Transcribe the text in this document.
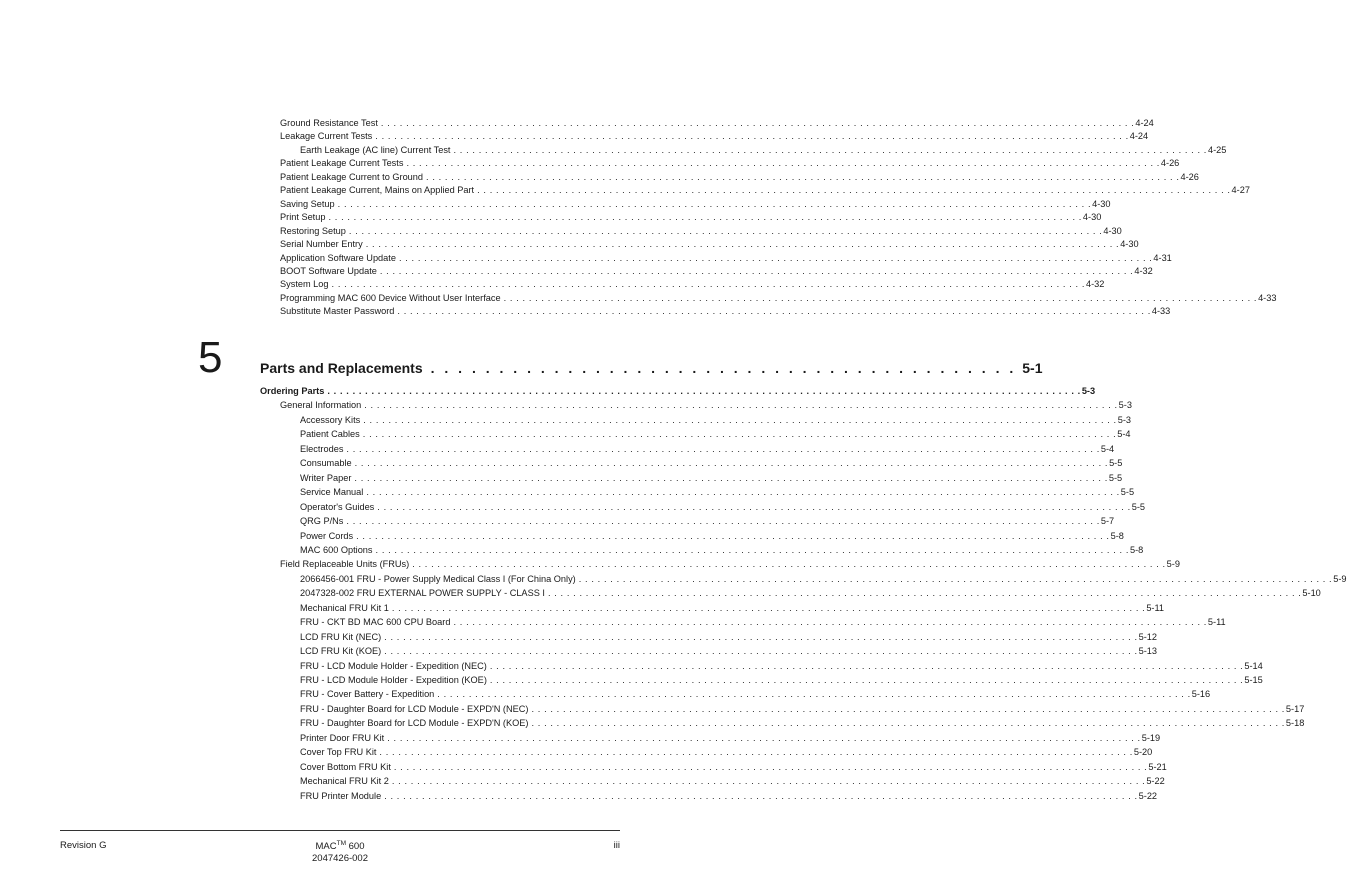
Ground Resistance Test . . . . . . . . . . . . . . . . . . . . . . . . . . . . . . . . . . . . . . . . . . . . . . . . . . . . . . . . . . . . . . . . . . . . . . . . . . . . . . . . . . . . . . . . . . . . . . . . . . . . . . . . . . . . . . . . . . . . . . . . 4-24
Leakage Current Tests . . . . . . . . . . . . . . . . . . . . . . . . . . . . . . . . . . . . . . . . . . . . . . . . . . . . . . . . . . . . . . . . . . . . . . . . . . . . . . . . . . . . . . . . . . . . . . . . . . . . . . . . . . . . . . . . . . . . . . . . 4-24
Earth Leakage (AC line) Current Test . . . . . . . . . . . . . . . . . . . . . . . . . . . . . . . . . . . . . . . . . . . . . . . . . . . . . . . . . . . . . . . . . . . . . . . . . . . . . . . . . . . . . . . . . . . . . . . . . . . . . . . . . . . . . . . . . . . . . . . . 4-25
Patient Leakage Current Tests . . . . . . . . . . . . . . . . . . . . . . . . . . . . . . . . . . . . . . . . . . . . . . . . . . . . . . . . . . . . . . . . . . . . . . . . . . . . . . . . . . . . . . . . . . . . . . . . . . . . . . . . . . . . . . . . . . . . . . . . 4-26
Patient Leakage Current to Ground . . . . . . . . . . . . . . . . . . . . . . . . . . . . . . . . . . . . . . . . . . . . . . . . . . . . . . . . . . . . . . . . . . . . . . . . . . . . . . . . . . . . . . . . . . . . . . . . . . . . . . . . . . . . . . . . . . . . . . . . 4-26
Patient Leakage Current, Mains on Applied Part . . . . . . . . . . . . . . . . . . . . . . . . . . . . . . . . . . . . . . . . . . . . . . . . . . . . . . . . . . . . . . . . . . . . . . . . . . . . . . . . . . . . . . . . . . . . . . . . . . . . . . . . . . . . . . . . . . . . . . . . 4-27
Saving Setup . . . . . . . . . . . . . . . . . . . . . . . . . . . . . . . . . . . . . . . . . . . . . . . . . . . . . . . . . . . . . . . . . . . . . . . . . . . . . . . . . . . . . . . . . . . . . . . . . . . . . . . . . . . . . . . . . . . . . . . . 4-30
Print Setup . . . . . . . . . . . . . . . . . . . . . . . . . . . . . . . . . . . . . . . . . . . . . . . . . . . . . . . . . . . . . . . . . . . . . . . . . . . . . . . . . . . . . . . . . . . . . . . . . . . . . . . . . . . . . . . . . . . . . . . . 4-30
Restoring Setup . . . . . . . . . . . . . . . . . . . . . . . . . . . . . . . . . . . . . . . . . . . . . . . . . . . . . . . . . . . . . . . . . . . . . . . . . . . . . . . . . . . . . . . . . . . . . . . . . . . . . . . . . . . . . . . . . . . . . . . . 4-30
Serial Number Entry . . . . . . . . . . . . . . . . . . . . . . . . . . . . . . . . . . . . . . . . . . . . . . . . . . . . . . . . . . . . . . . . . . . . . . . . . . . . . . . . . . . . . . . . . . . . . . . . . . . . . . . . . . . . . . . . . . . . . . . . 4-30
Application Software Update . . . . . . . . . . . . . . . . . . . . . . . . . . . . . . . . . . . . . . . . . . . . . . . . . . . . . . . . . . . . . . . . . . . . . . . . . . . . . . . . . . . . . . . . . . . . . . . . . . . . . . . . . . . . . . . . . . . . . . . . 4-31
BOOT Software Update . . . . . . . . . . . . . . . . . . . . . . . . . . . . . . . . . . . . . . . . . . . . . . . . . . . . . . . . . . . . . . . . . . . . . . . . . . . . . . . . . . . . . . . . . . . . . . . . . . . . . . . . . . . . . . . . . . . . . . . . 4-32
System Log . . . . . . . . . . . . . . . . . . . . . . . . . . . . . . . . . . . . . . . . . . . . . . . . . . . . . . . . . . . . . . . . . . . . . . . . . . . . . . . . . . . . . . . . . . . . . . . . . . . . . . . . . . . . . . . . . . . . . . . . 4-32
Programming MAC 600 Device Without User Interface . . . . . . . . . . . . . . . . . . . . . . . . . . . . . . . . . . . . . . . . . . . . . . . . . . . . . . . . . . . . . . . . . . . . . . . . . . . . . . . . . . . . . . . . . . . . . . . . . . . . . . . . . . . . . . . . . . . . . . . . 4-33
Substitute Master Password . . . . . . . . . . . . . . . . . . . . . . . . . . . . . . . . . . . . . . . . . . . . . . . . . . . . . . . . . . . . . . . . . . . . . . . . . . . . . . . . . . . . . . . . . . . . . . . . . . . . . . . . . . . . . . . . . . . . . . . . 4-33
5	Parts and Replacements . . . . . . . . . . . . . . . . . . . . . . . . . . . . . . . . . . . . . . . . . . . 5-1
Ordering Parts . . . . . . . . . . . . . . . . . . . . . . . . . . . . . . . . . . . . . . . . . . . . . . . . . . . . . . . . . . . . . . . . . . . . . . . . . . . . . . . . . . . . . . . . . . . . . . . . . . . . . . . . . . . . . . . . . . . . . . . . 5-3
General Information . . . . . . . . . . . . . . . . . . . . . . . . . . . . . . . . . . . . . . . . . . . . . . . . . . . . . . . . . . . . . . . . . . . . . . . . . . . . . . . . . . . . . . . . . . . . . . . . . . . . . . . . . . . . . . . . . . . . . . . . 5-3
Accessory Kits . . . . . . . . . . . . . . . . . . . . . . . . . . . . . . . . . . . . . . . . . . . . . . . . . . . . . . . . . . . . . . . . . . . . . . . . . . . . . . . . . . . . . . . . . . . . . . . . . . . . . . . . . . . . . . . . . . . . . . . . 5-3
Patient Cables . . . . . . . . . . . . . . . . . . . . . . . . . . . . . . . . . . . . . . . . . . . . . . . . . . . . . . . . . . . . . . . . . . . . . . . . . . . . . . . . . . . . . . . . . . . . . . . . . . . . . . . . . . . . . . . . . . . . . . . . 5-4
Electrodes . . . . . . . . . . . . . . . . . . . . . . . . . . . . . . . . . . . . . . . . . . . . . . . . . . . . . . . . . . . . . . . . . . . . . . . . . . . . . . . . . . . . . . . . . . . . . . . . . . . . . . . . . . . . . . . . . . . . . . . . 5-4
Consumable . . . . . . . . . . . . . . . . . . . . . . . . . . . . . . . . . . . . . . . . . . . . . . . . . . . . . . . . . . . . . . . . . . . . . . . . . . . . . . . . . . . . . . . . . . . . . . . . . . . . . . . . . . . . . . . . . . . . . . . . 5-5
Writer Paper . . . . . . . . . . . . . . . . . . . . . . . . . . . . . . . . . . . . . . . . . . . . . . . . . . . . . . . . . . . . . . . . . . . . . . . . . . . . . . . . . . . . . . . . . . . . . . . . . . . . . . . . . . . . . . . . . . . . . . . . 5-5
Service Manual . . . . . . . . . . . . . . . . . . . . . . . . . . . . . . . . . . . . . . . . . . . . . . . . . . . . . . . . . . . . . . . . . . . . . . . . . . . . . . . . . . . . . . . . . . . . . . . . . . . . . . . . . . . . . . . . . . . . . . . . 5-5
Operator's Guides . . . . . . . . . . . . . . . . . . . . . . . . . . . . . . . . . . . . . . . . . . . . . . . . . . . . . . . . . . . . . . . . . . . . . . . . . . . . . . . . . . . . . . . . . . . . . . . . . . . . . . . . . . . . . . . . . . . . . . . . 5-5
QRG P/Ns . . . . . . . . . . . . . . . . . . . . . . . . . . . . . . . . . . . . . . . . . . . . . . . . . . . . . . . . . . . . . . . . . . . . . . . . . . . . . . . . . . . . . . . . . . . . . . . . . . . . . . . . . . . . . . . . . . . . . . . . 5-7
Power Cords . . . . . . . . . . . . . . . . . . . . . . . . . . . . . . . . . . . . . . . . . . . . . . . . . . . . . . . . . . . . . . . . . . . . . . . . . . . . . . . . . . . . . . . . . . . . . . . . . . . . . . . . . . . . . . . . . . . . . . . . 5-8
MAC 600 Options . . . . . . . . . . . . . . . . . . . . . . . . . . . . . . . . . . . . . . . . . . . . . . . . . . . . . . . . . . . . . . . . . . . . . . . . . . . . . . . . . . . . . . . . . . . . . . . . . . . . . . . . . . . . . . . . . . . . . . . . 5-8
Field Replaceable Units (FRUs) . . . . . . . . . . . . . . . . . . . . . . . . . . . . . . . . . . . . . . . . . . . . . . . . . . . . . . . . . . . . . . . . . . . . . . . . . . . . . . . . . . . . . . . . . . . . . . . . . . . . . . . . . . . . . . . . . . . . . . . . 5-9
2066456-001 FRU - Power Supply Medical Class I (For China Only) . . . . . . . . . . . . . . . . . . . . . . . . . . . . . . . . . . . . . . . . . . . . . . . . . . . . . . . . . . . . . . . . . . . . . . . . . . . . . . . . . . . . . . . . . . . . . . . . . . . . . . . . . . . . . . . . . . . . . . . . 5-9
2047328-002 FRU EXTERNAL POWER SUPPLY - CLASS I . . . . . . . . . . . . . . . . . . . . . . . . . . . . . . . . . . . . . . . . . . . . . . . . . . . . . . . . . . . . . . . . . . . . . . . . . . . . . . . . . . . . . . . . . . . . . . . . . . . . . . . . . . . . . . . . . . . . . . . . 5-10
Mechanical FRU Kit 1 . . . . . . . . . . . . . . . . . . . . . . . . . . . . . . . . . . . . . . . . . . . . . . . . . . . . . . . . . . . . . . . . . . . . . . . . . . . . . . . . . . . . . . . . . . . . . . . . . . . . . . . . . . . . . . . . . . . . . . . . 5-11
FRU - CKT BD MAC 600 CPU Board . . . . . . . . . . . . . . . . . . . . . . . . . . . . . . . . . . . . . . . . . . . . . . . . . . . . . . . . . . . . . . . . . . . . . . . . . . . . . . . . . . . . . . . . . . . . . . . . . . . . . . . . . . . . . . . . . . . . . . . . 5-11
LCD FRU Kit (NEC) . . . . . . . . . . . . . . . . . . . . . . . . . . . . . . . . . . . . . . . . . . . . . . . . . . . . . . . . . . . . . . . . . . . . . . . . . . . . . . . . . . . . . . . . . . . . . . . . . . . . . . . . . . . . . . . . . . . . . . . . 5-12
LCD FRU Kit (KOE) . . . . . . . . . . . . . . . . . . . . . . . . . . . . . . . . . . . . . . . . . . . . . . . . . . . . . . . . . . . . . . . . . . . . . . . . . . . . . . . . . . . . . . . . . . . . . . . . . . . . . . . . . . . . . . . . . . . . . . . . 5-13
FRU - LCD Module Holder - Expedition (NEC) . . . . . . . . . . . . . . . . . . . . . . . . . . . . . . . . . . . . . . . . . . . . . . . . . . . . . . . . . . . . . . . . . . . . . . . . . . . . . . . . . . . . . . . . . . . . . . . . . . . . . . . . . . . . . . . . . . . . . . . . 5-14
FRU - LCD Module Holder - Expedition (KOE) . . . . . . . . . . . . . . . . . . . . . . . . . . . . . . . . . . . . . . . . . . . . . . . . . . . . . . . . . . . . . . . . . . . . . . . . . . . . . . . . . . . . . . . . . . . . . . . . . . . . . . . . . . . . . . . . . . . . . . . . 5-15
FRU - Cover Battery - Expedition . . . . . . . . . . . . . . . . . . . . . . . . . . . . . . . . . . . . . . . . . . . . . . . . . . . . . . . . . . . . . . . . . . . . . . . . . . . . . . . . . . . . . . . . . . . . . . . . . . . . . . . . . . . . . . . . . . . . . . . . 5-16
FRU - Daughter Board for LCD Module - EXPD'N (NEC) . . . . . . . . . . . . . . . . . . . . . . . . . . . . . . . . . . . . . . . . . . . . . . . . . . . . . . . . . . . . . . . . . . . . . . . . . . . . . . . . . . . . . . . . . . . . . . . . . . . . . . . . . . . . . . . . . . . . . . . . 5-17
FRU - Daughter Board for LCD Module - EXPD'N (KOE) . . . . . . . . . . . . . . . . . . . . . . . . . . . . . . . . . . . . . . . . . . . . . . . . . . . . . . . . . . . . . . . . . . . . . . . . . . . . . . . . . . . . . . . . . . . . . . . . . . . . . . . . . . . . . . . . . . . . . . . . 5-18
Printer Door FRU Kit . . . . . . . . . . . . . . . . . . . . . . . . . . . . . . . . . . . . . . . . . . . . . . . . . . . . . . . . . . . . . . . . . . . . . . . . . . . . . . . . . . . . . . . . . . . . . . . . . . . . . . . . . . . . . . . . . . . . . . . . 5-19
Cover Top FRU Kit . . . . . . . . . . . . . . . . . . . . . . . . . . . . . . . . . . . . . . . . . . . . . . . . . . . . . . . . . . . . . . . . . . . . . . . . . . . . . . . . . . . . . . . . . . . . . . . . . . . . . . . . . . . . . . . . . . . . . . . . 5-20
Cover Bottom FRU Kit . . . . . . . . . . . . . . . . . . . . . . . . . . . . . . . . . . . . . . . . . . . . . . . . . . . . . . . . . . . . . . . . . . . . . . . . . . . . . . . . . . . . . . . . . . . . . . . . . . . . . . . . . . . . . . . . . . . . . . . . 5-21
Mechanical FRU Kit 2 . . . . . . . . . . . . . . . . . . . . . . . . . . . . . . . . . . . . . . . . . . . . . . . . . . . . . . . . . . . . . . . . . . . . . . . . . . . . . . . . . . . . . . . . . . . . . . . . . . . . . . . . . . . . . . . . . . . . . . . . 5-22
FRU Printer Module . . . . . . . . . . . . . . . . . . . . . . . . . . . . . . . . . . . . . . . . . . . . . . . . . . . . . . . . . . . . . . . . . . . . . . . . . . . . . . . . . . . . . . . . . . . . . . . . . . . . . . . . . . . . . . . . . . . . . . . . 5-22
Revision G	MAC™ 600
2047426-002
iii
